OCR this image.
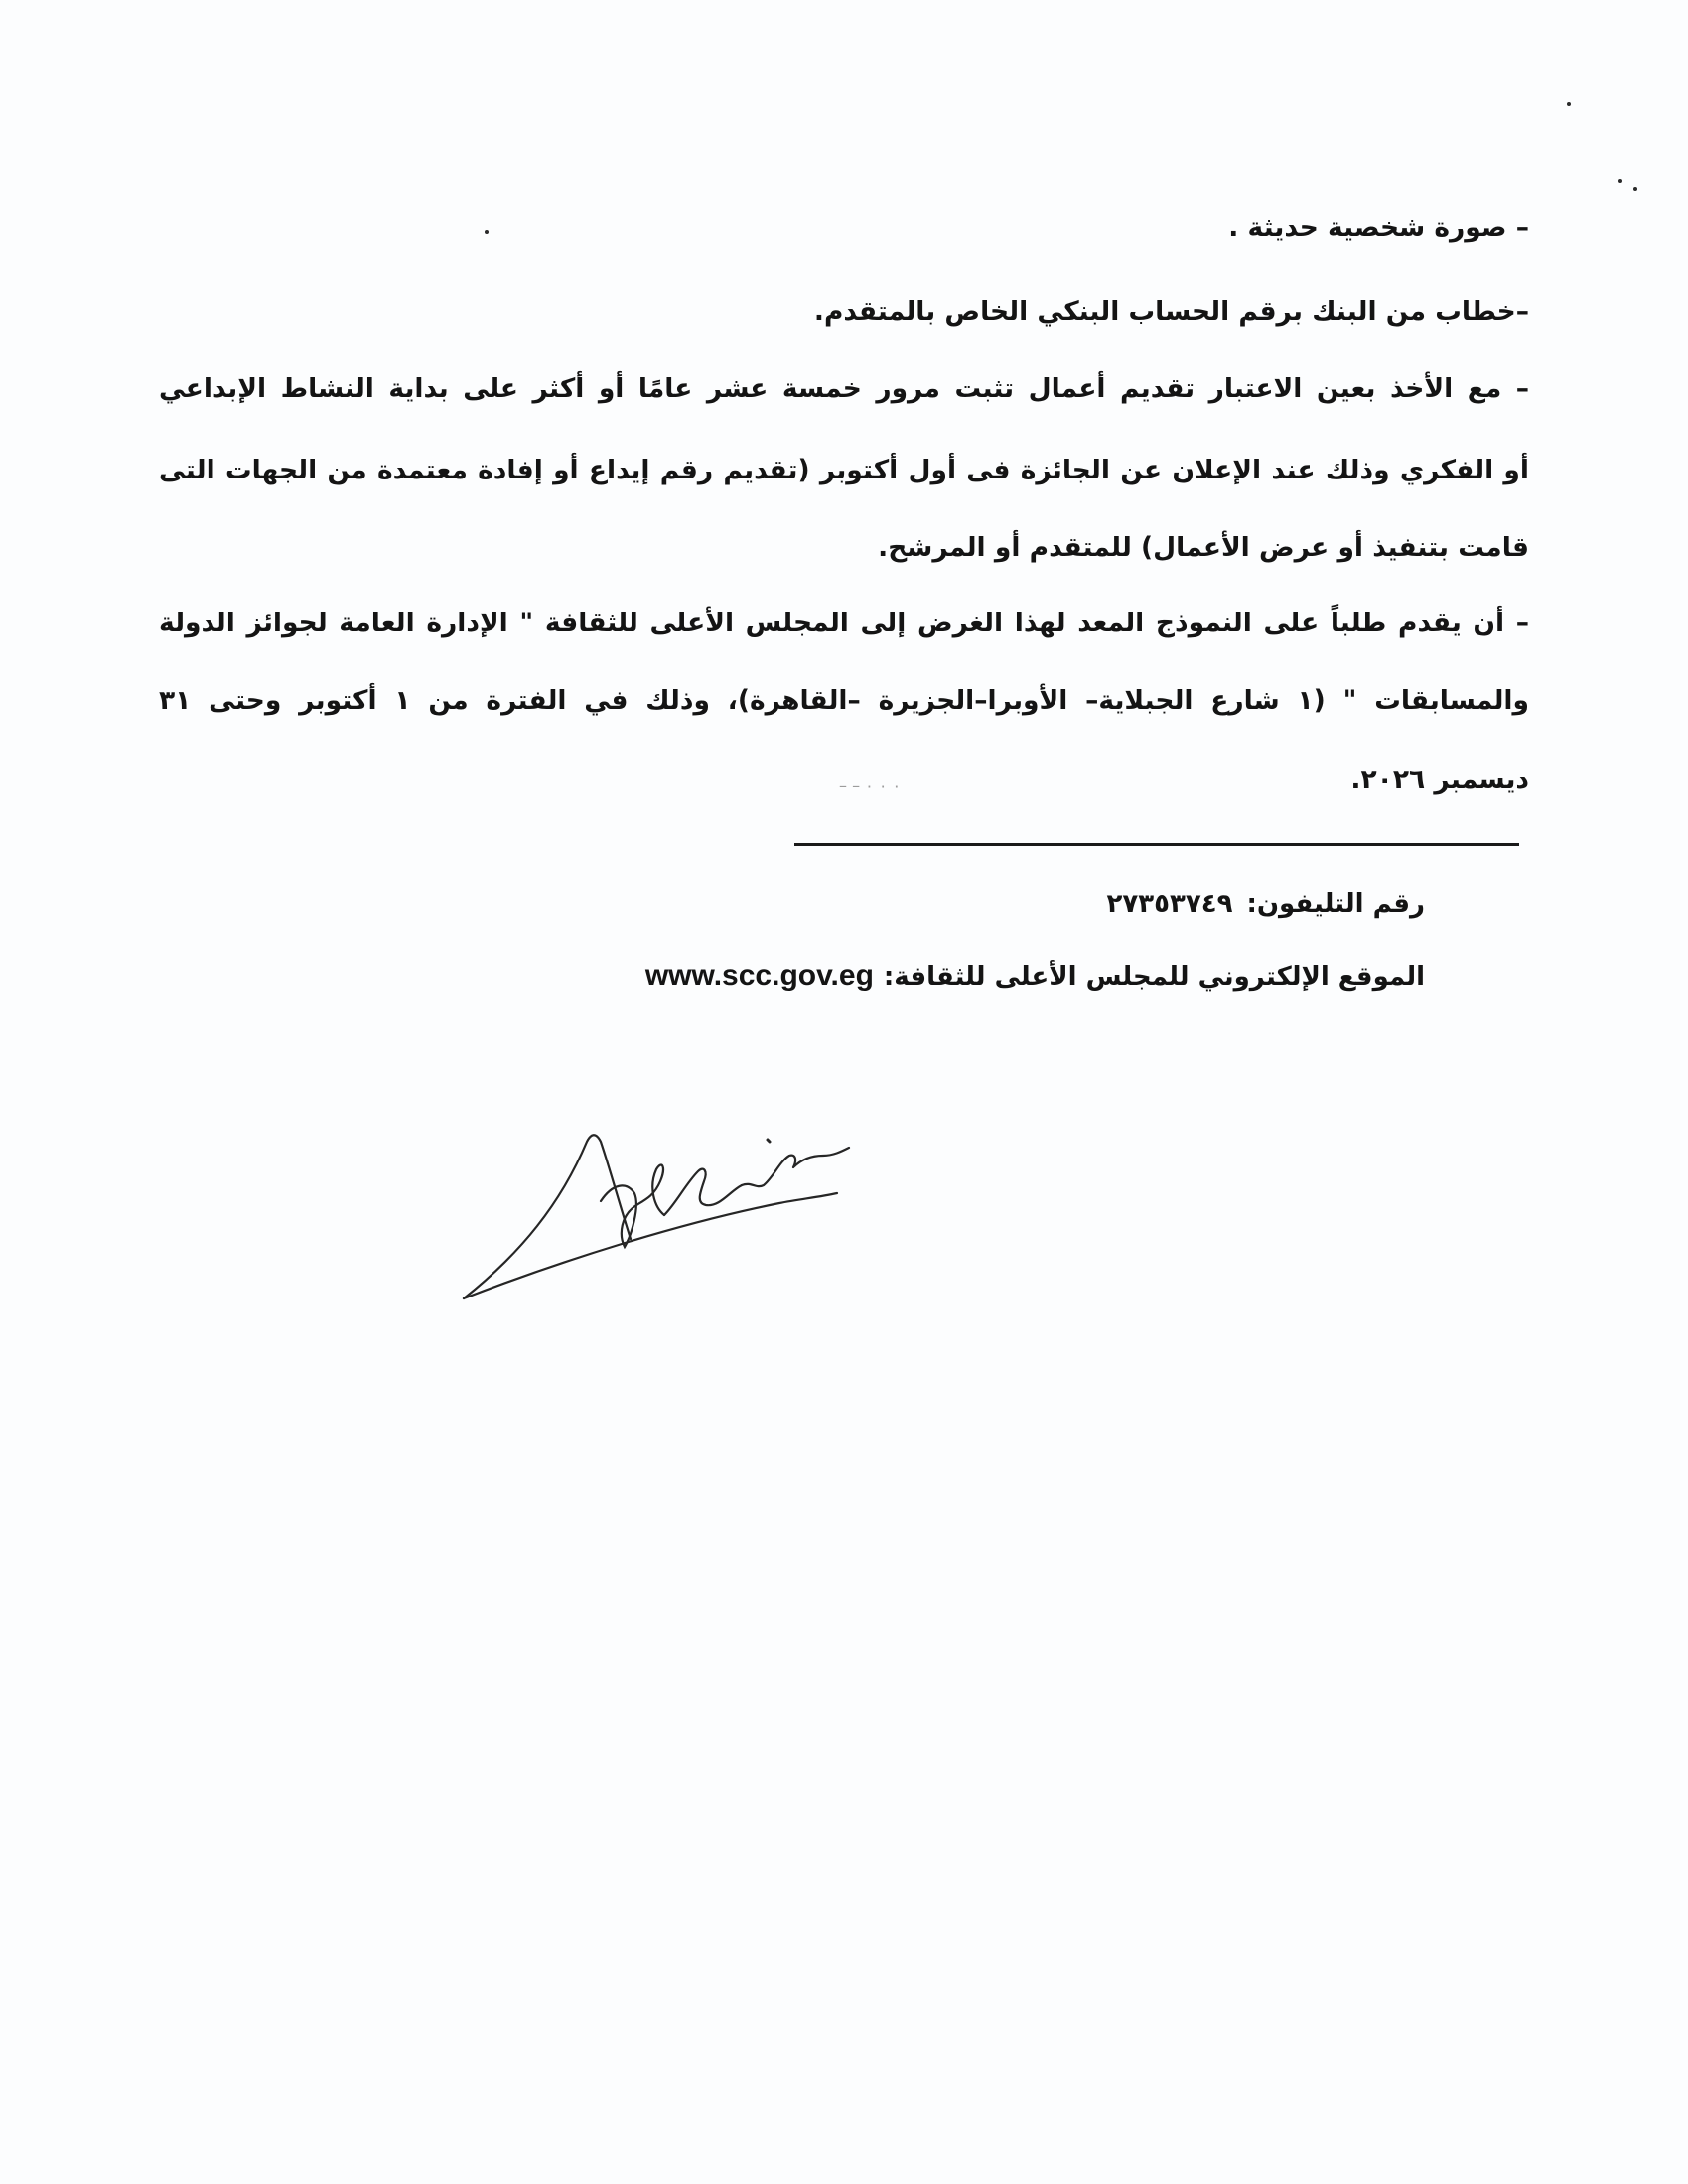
– صورة شخصية حديثة .
–خطاب من البنك برقم الحساب البنكي الخاص بالمتقدم.
– مع الأخذ بعين الاعتبار تقديم أعمال تثبت مرور خمسة عشر عامًا أو أكثر على بداية النشاط الإبداعي
أو الفكري وذلك عند الإعلان عن الجائزة فى أول أكتوبر (تقديم رقم إيداع أو إفادة معتمدة من الجهات التى
قامت بتنفيذ أو عرض الأعمال) للمتقدم أو المرشح.
– أن يقدم طلباً على النموذج المعد لهذا الغرض إلى المجلس الأعلى للثقافة " الإدارة العامة لجوائز الدولة
والمسابقات " (١ شارع الجبلاية– الأوبرا–الجزيرة –القاهرة)، وذلك في الفترة من ١ أكتوبر وحتى ٣١
ديسمبر ٢٠٢٦.
– – ٠ ٠ ٠
رقم التليفون:٢٧٣٥٣٧٤٩
الموقع الإلكتروني للمجلس الأعلى للثقافة:www.scc.gov.eg
